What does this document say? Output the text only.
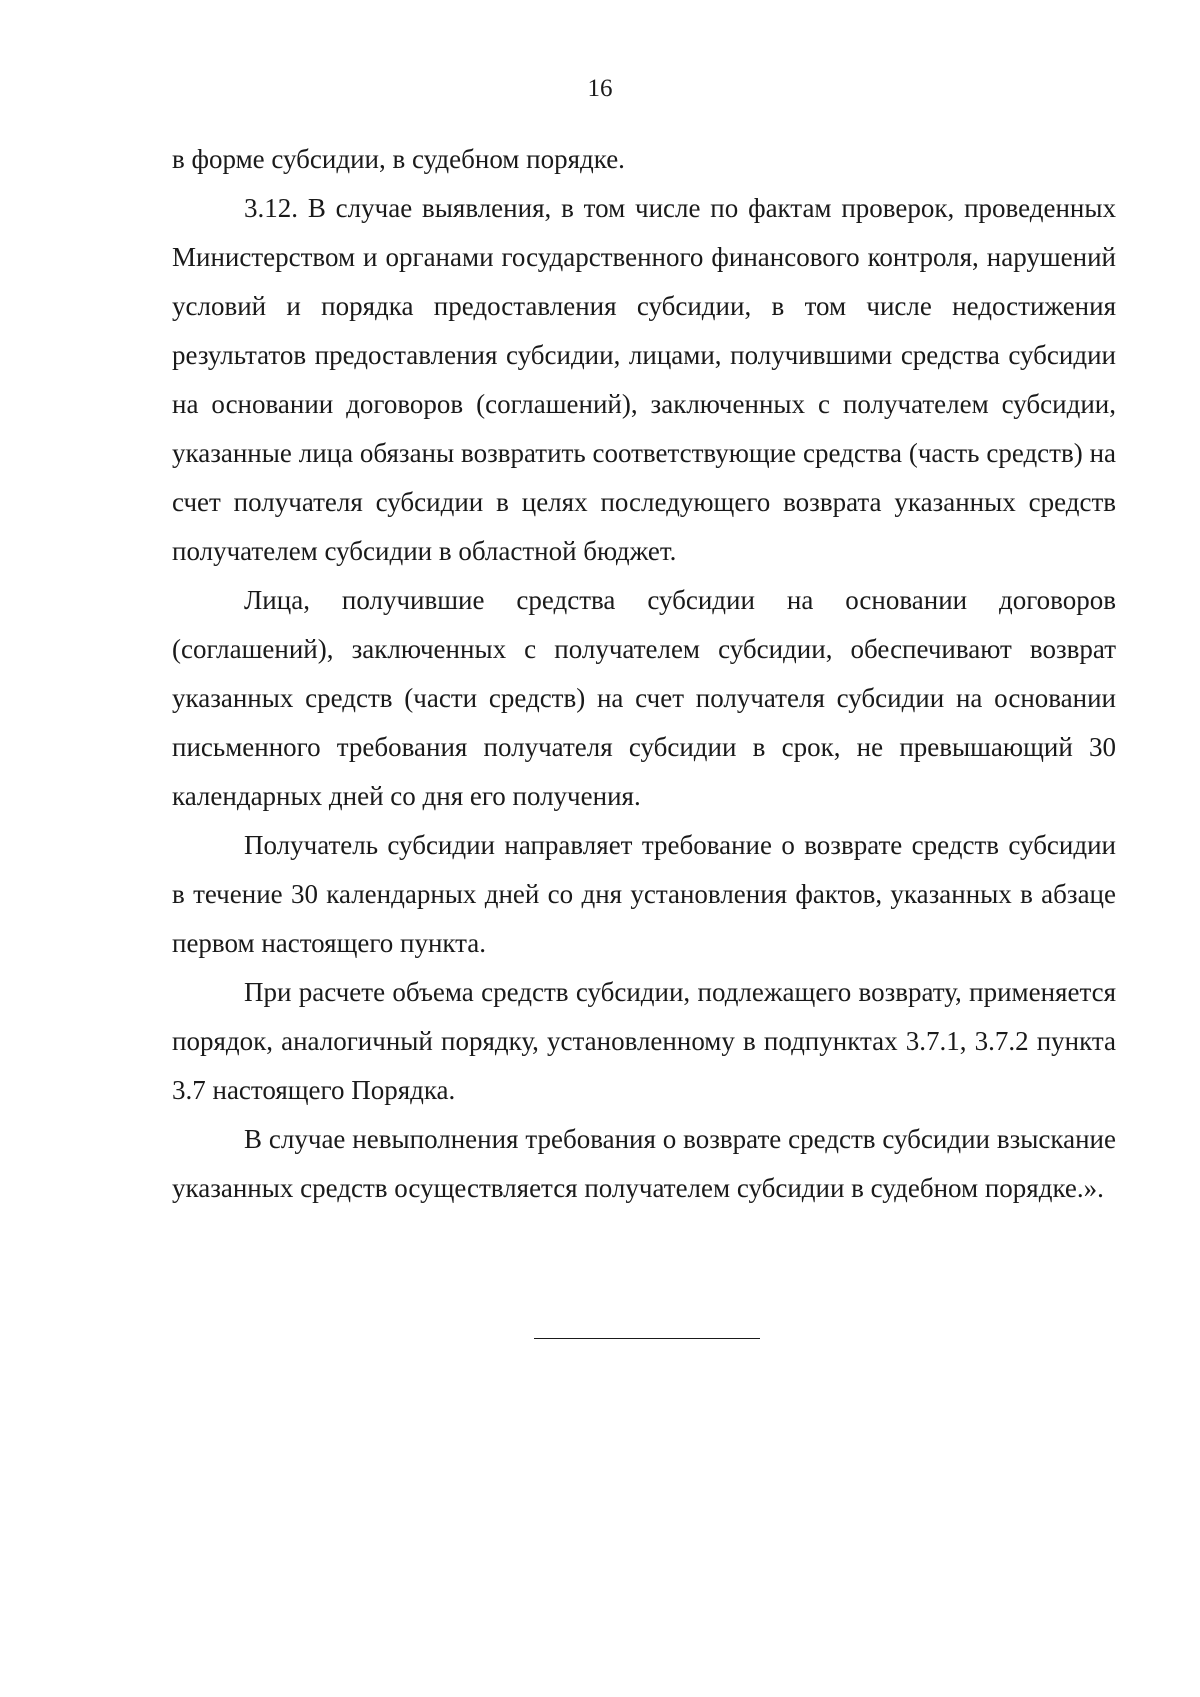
16

в форме субсидии, в судебном порядке.

3.12. В случае выявления, в том числе по фактам проверок, проведенных Министерством и органами государственного финансового контроля, нарушений условий и порядка предоставления субсидии, в том числе недостижения результатов предоставления субсидии, лицами, получившими средства субсидии на основании договоров (соглашений), заключенных с получателем субсидии, указанные лица обязаны возвратить соответствующие средства (часть средств) на счет получателя субсидии в целях последующего возврата указанных средств получателем субсидии в областной бюджет.

Лица, получившие средства субсидии на основании договоров (соглашений), заключенных с получателем субсидии, обеспечивают возврат указанных средств (части средств) на счет получателя субсидии на основании письменного требования получателя субсидии в срок, не превышающий 30 календарных дней со дня его получения.

Получатель субсидии направляет требование о возврате средств субсидии в течение 30 календарных дней со дня установления фактов, указанных в абзаце первом настоящего пункта.

При расчете объема средств субсидии, подлежащего возврату, применяется порядок, аналогичный порядку, установленному в подпунктах 3.7.1, 3.7.2 пункта 3.7 настоящего Порядка.

В случае невыполнения требования о возврате средств субсидии взыскание указанных средств осуществляется получателем субсидии в судебном порядке.».
